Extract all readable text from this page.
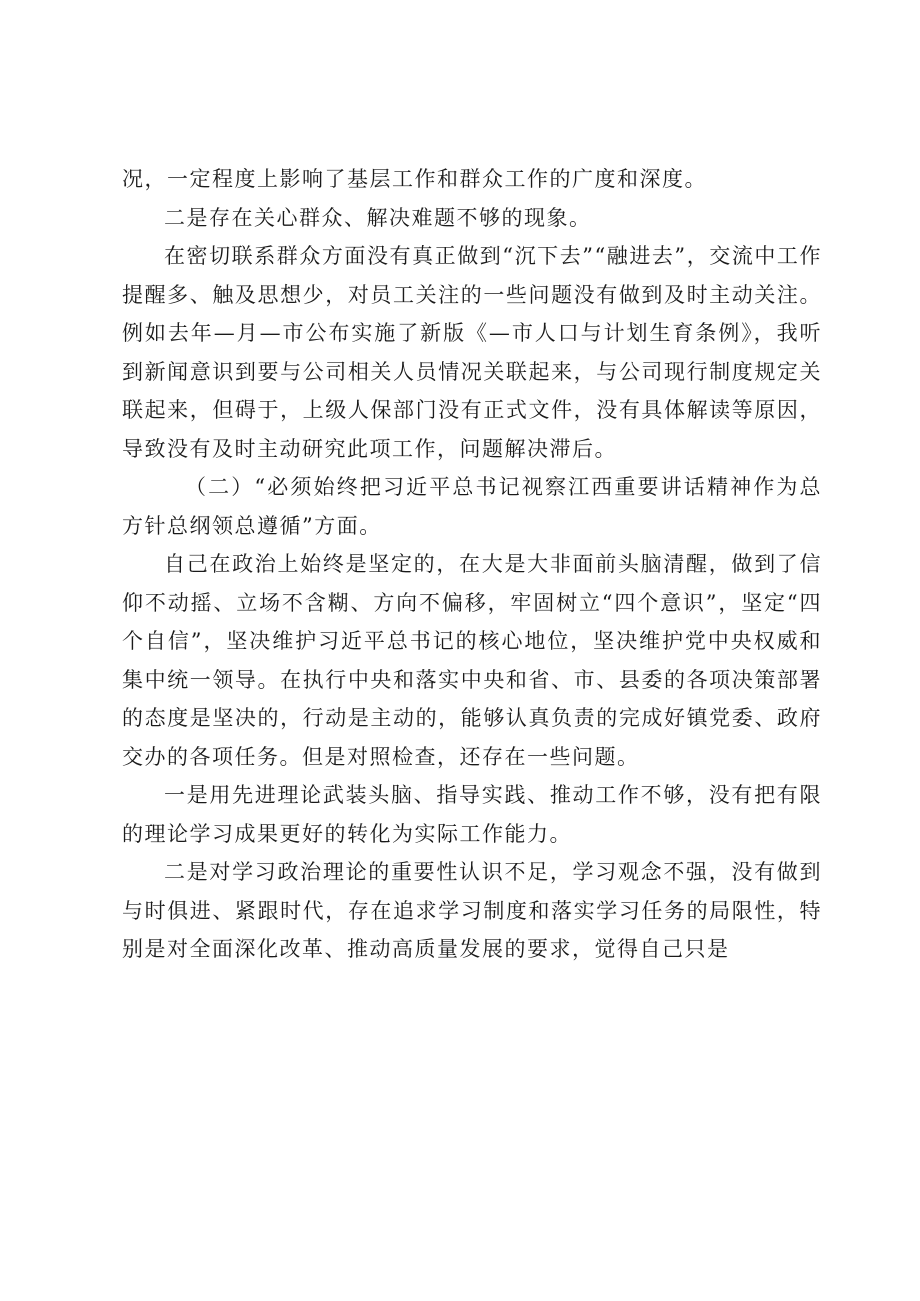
况，一定程度上影响了基层工作和群众工作的广度和深度。

二是存在关心群众、解决难题不够的现象。

在密切联系群众方面没有真正做到“沉下去”“融进去”，交流中工作提醒多、触及思想少，对员工关注的一些问题没有做到及时主动关注。例如去年—月—市公布实施了新版《—市人口与计划生育条例》，我听到新闻意识到要与公司相关人员情况关联起来，与公司现行制度规定关联起来，但碍于，上级人保部门没有正式文件，没有具体解读等原因，导致没有及时主动研究此项工作，问题解决滞后。

（二）“必须始终把习近平总书记视察江西重要讲话精神作为总方针总纲领总遵循”方面。

自己在政治上始终是坚定的，在大是大非面前头脑清醒，做到了信仰不动摇、立场不含糊、方向不偏移，牢固树立“四个意识”，坚定“四个自信”，坚决维护习近平总书记的核心地位，坚决维护党中央权威和集中统一领导。在执行中央和落实中央和省、市、县委的各项决策部署的态度是坚决的，行动是主动的，能够认真负责的完成好镇党委、政府交办的各项任务。但是对照检查，还存在一些问题。

一是用先进理论武装头脑、指导实践、推动工作不够，没有把有限的理论学习成果更好的转化为实际工作能力。

二是对学习政治理论的重要性认识不足，学习观念不强，没有做到与时俱进、紧跟时代，存在追求学习制度和落实学习任务的局限性，特别是对全面深化改革、推动高质量发展的要求，觉得自己只是
